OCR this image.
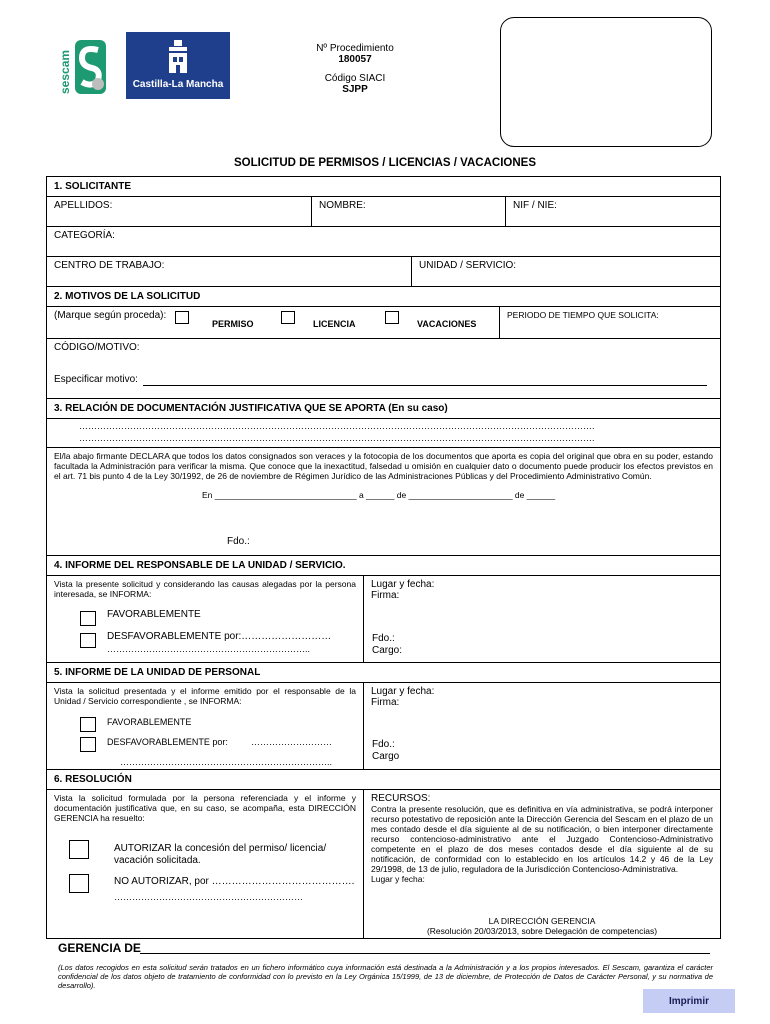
sescam	Castilla-La Mancha
Nº Procedimiento
180057
Código SIACI
SJPP
SOLICITUD DE PERMISOS / LICENCIAS / VACACIONES
1. SOLICITANTE
APELLIDOS:	NOMBRE:	NIF / NIE:
CATEGORÍA:
CENTRO DE TRABAJO:	UNIDAD / SERVICIO:
2. MOTIVOS DE LA SOLICITUD
(Marque según proceda):
PERMISO	LICENCIA	VACACIONES
PERIODO DE TIEMPO QUE SOLICITA:
CÓDIGO/MOTIVO:
Especificar motivo:
3. RELACIÓN DE DOCUMENTACIÓN JUSTIFICATIVA QUE SE APORTA (En su caso)
……………………………………………………………………………………………………………………………………………………….
……………………………………………………………………………………………………………………………………………………….
El/la abajo firmante DECLARA que todos los datos consignados son veraces y la fotocopia de los documentos que aporta es copia del original que obra en su poder, estando facultada la Administración para verificar la misma. Que conoce que la inexactitud, falsedad u omisión en cualquier dato o documento puede producir los efectos previstos en el art. 71 bis punto 4 de la Ley 30/1992, de 26 de noviembre de Régimen Jurídico de las Administraciones Públicas y del Procedimiento Administrativo Común.
En ______________________________ a ______ de ______________________ de ______
Fdo.:
4. INFORME DEL RESPONSABLE DE LA UNIDAD / SERVICIO.
Vista la presente solicitud y considerando las causas alegadas por la persona interesada, se INFORMA:
FAVORABLEMENTE
DESFAVORABLEMENTE por:………………………
…………………………………………………………..
Lugar y fecha:
Firma:
Fdo.:
Cargo:
5. INFORME DE LA UNIDAD DE PERSONAL
Vista la solicitud presentada y el informe emitido por el responsable de la Unidad / Servicio correspondiente , se INFORMA:
FAVORABLEMENTE
DESFAVORABLEMENTE por:	………………………
……………………………………………………………..
Lugar y fecha:
Firma:
Fdo.:
Cargo
6. RESOLUCIÓN
Vista la solicitud formulada por la persona referenciada y el informe y documentación justificativa que, en su caso, se acompaña, esta DIRECCIÓN GERENCIA ha resuelto:
AUTORIZAR la concesión del permiso/ licencia/ vacación solicitada.
NO AUTORIZAR, por …………………………………….
………………………………………………………
RECURSOS:
Contra la presente resolución, que es definitiva en vía administrativa, se podrá interponer recurso potestativo de reposición ante la Dirección Gerencia del Sescam en el plazo de un mes contado desde el día siguiente al de su notificación, o bien interponer directamente recurso contencioso-administrativo ante el Juzgado Contencioso-Administrativo competente en el plazo de dos meses contados desde el día siguiente al de su notificación, de conformidad con lo establecido en los artículos 14.2 y 46 de la Ley 29/1998, de 13 de julio, reguladora de la Jurisdicción Contencioso-Administrativa.
Lugar y fecha:
LA DIRECCIÓN GERENCIA
(Resolución 20/03/2013, sobre Delegación de competencias)
GERENCIA DE
(Los datos recogidos en esta solicitud serán tratados en un fichero informático cuya información está destinada a la Administración y a los propios interesados. El Sescam, garantiza el carácter confidencial de los datos objeto de tratamiento de conformidad con lo previsto en la Ley Orgánica 15/1999, de 13 de diciembre, de Protección de Datos de Carácter Personal, y su normativa de desarrollo).
Imprimir
